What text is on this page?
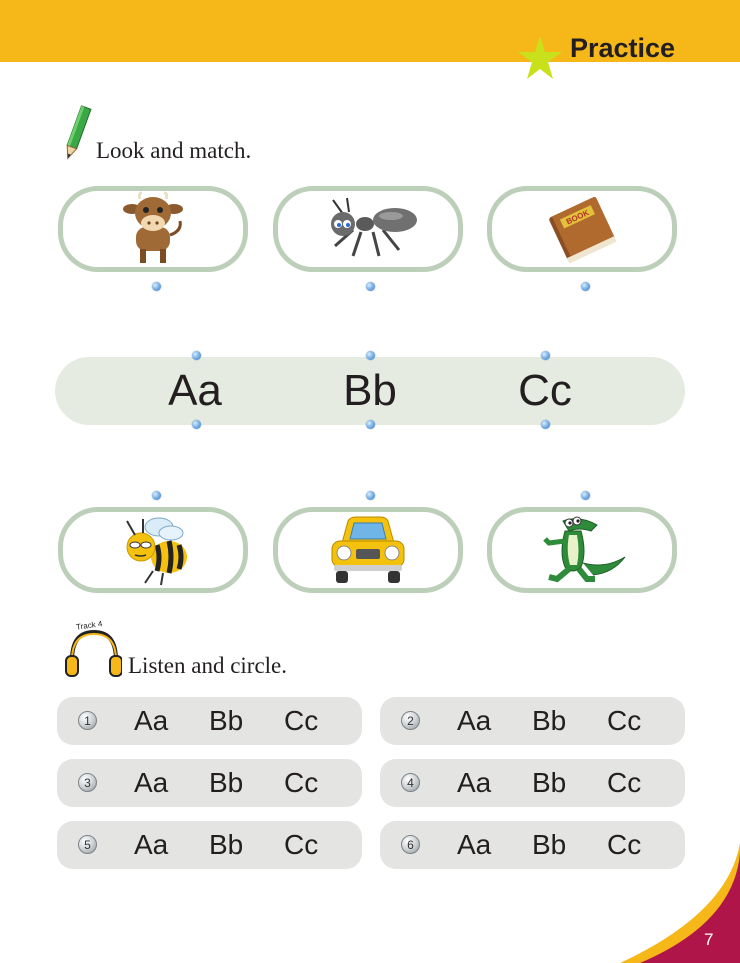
Practice
Look and match.
BOOK
Aa	Bb	Cc
Track 4
Listen and circle.
1 Aa Bb Cc	2 Aa Bb Cc
3 Aa Bb Cc	4 Aa Bb Cc
5 Aa Bb Cc	6 Aa Bb Cc
7
